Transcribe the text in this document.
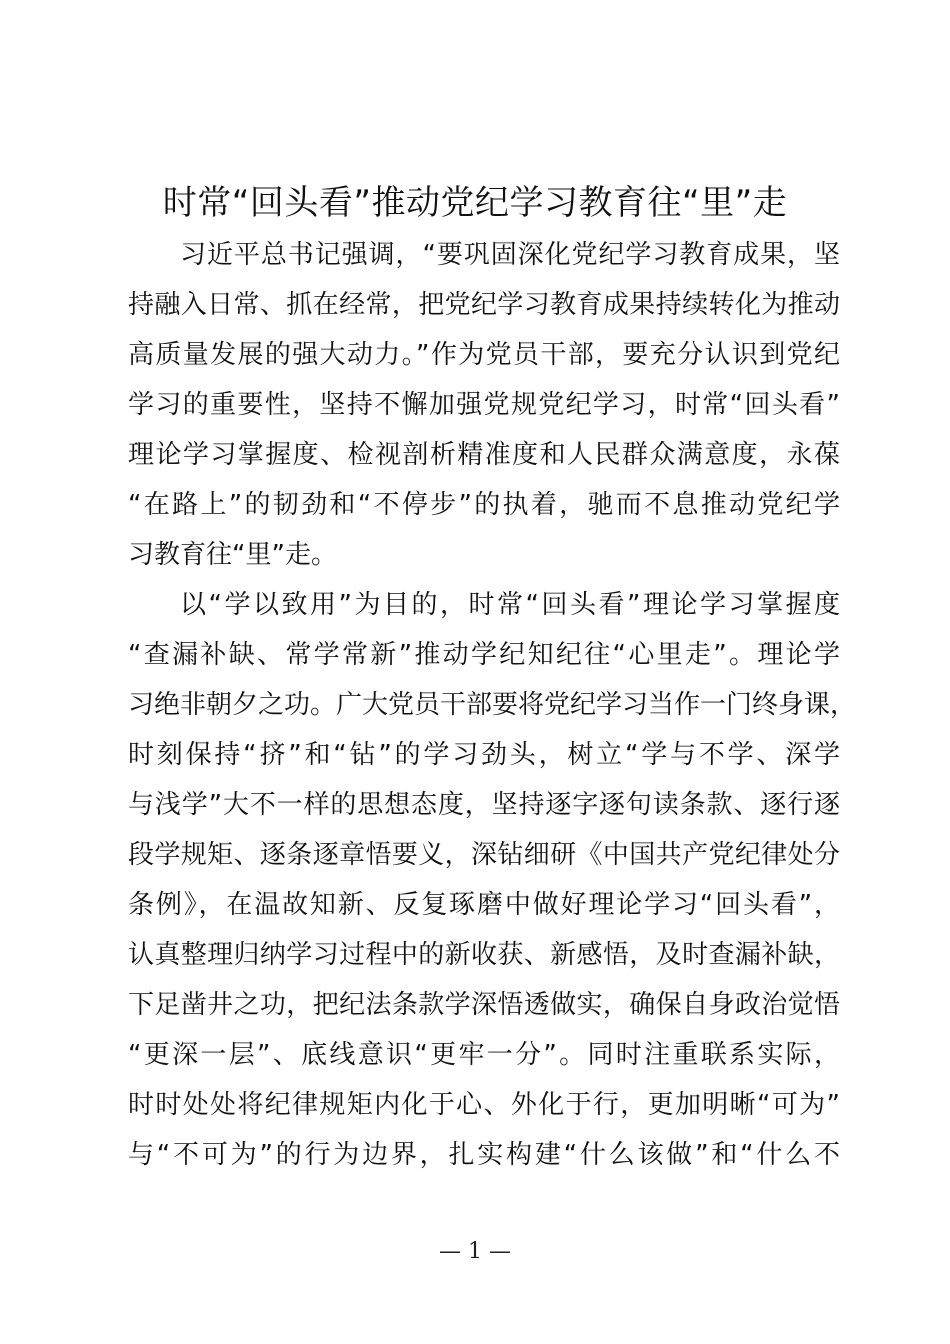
时常“回头看”推动党纪学习教育往“里”走
习近平总书记强调，“要巩固深化党纪学习教育成果，坚
持融入日常、抓在经常，把党纪学习教育成果持续转化为推动
高质量发展的强大动力。”作为党员干部，要充分认识到党纪
学习的重要性，坚持不懈加强党规党纪学习，时常“回头看”
理论学习掌握度、检视剖析精准度和人民群众满意度，永葆
“在路上”的韧劲和“不停步”的执着，驰而不息推动党纪学
习教育往“里”走。
以“学以致用”为目的，时常“回头看”理论学习掌握度
“查漏补缺、常学常新”推动学纪知纪往“心里走”。理论学
习绝非朝夕之功。广大党员干部要将党纪学习当作一门终身课，
时刻保持“挤”和“钻”的学习劲头，树立“学与不学、深学
与浅学”大不一样的思想态度，坚持逐字逐句读条款、逐行逐
段学规矩、逐条逐章悟要义，深钻细研《中国共产党纪律处分
条例》，在温故知新、反复琢磨中做好理论学习“回头看”，
认真整理归纳学习过程中的新收获、新感悟，及时查漏补缺，
下足凿井之功，把纪法条款学深悟透做实，确保自身政治觉悟
“更深一层”、底线意识“更牢一分”。同时注重联系实际，
时时处处将纪律规矩内化于心、外化于行，更加明晰“可为”
与“不可为”的行为边界，扎实构建“什么该做”和“什么不
— 1 —
